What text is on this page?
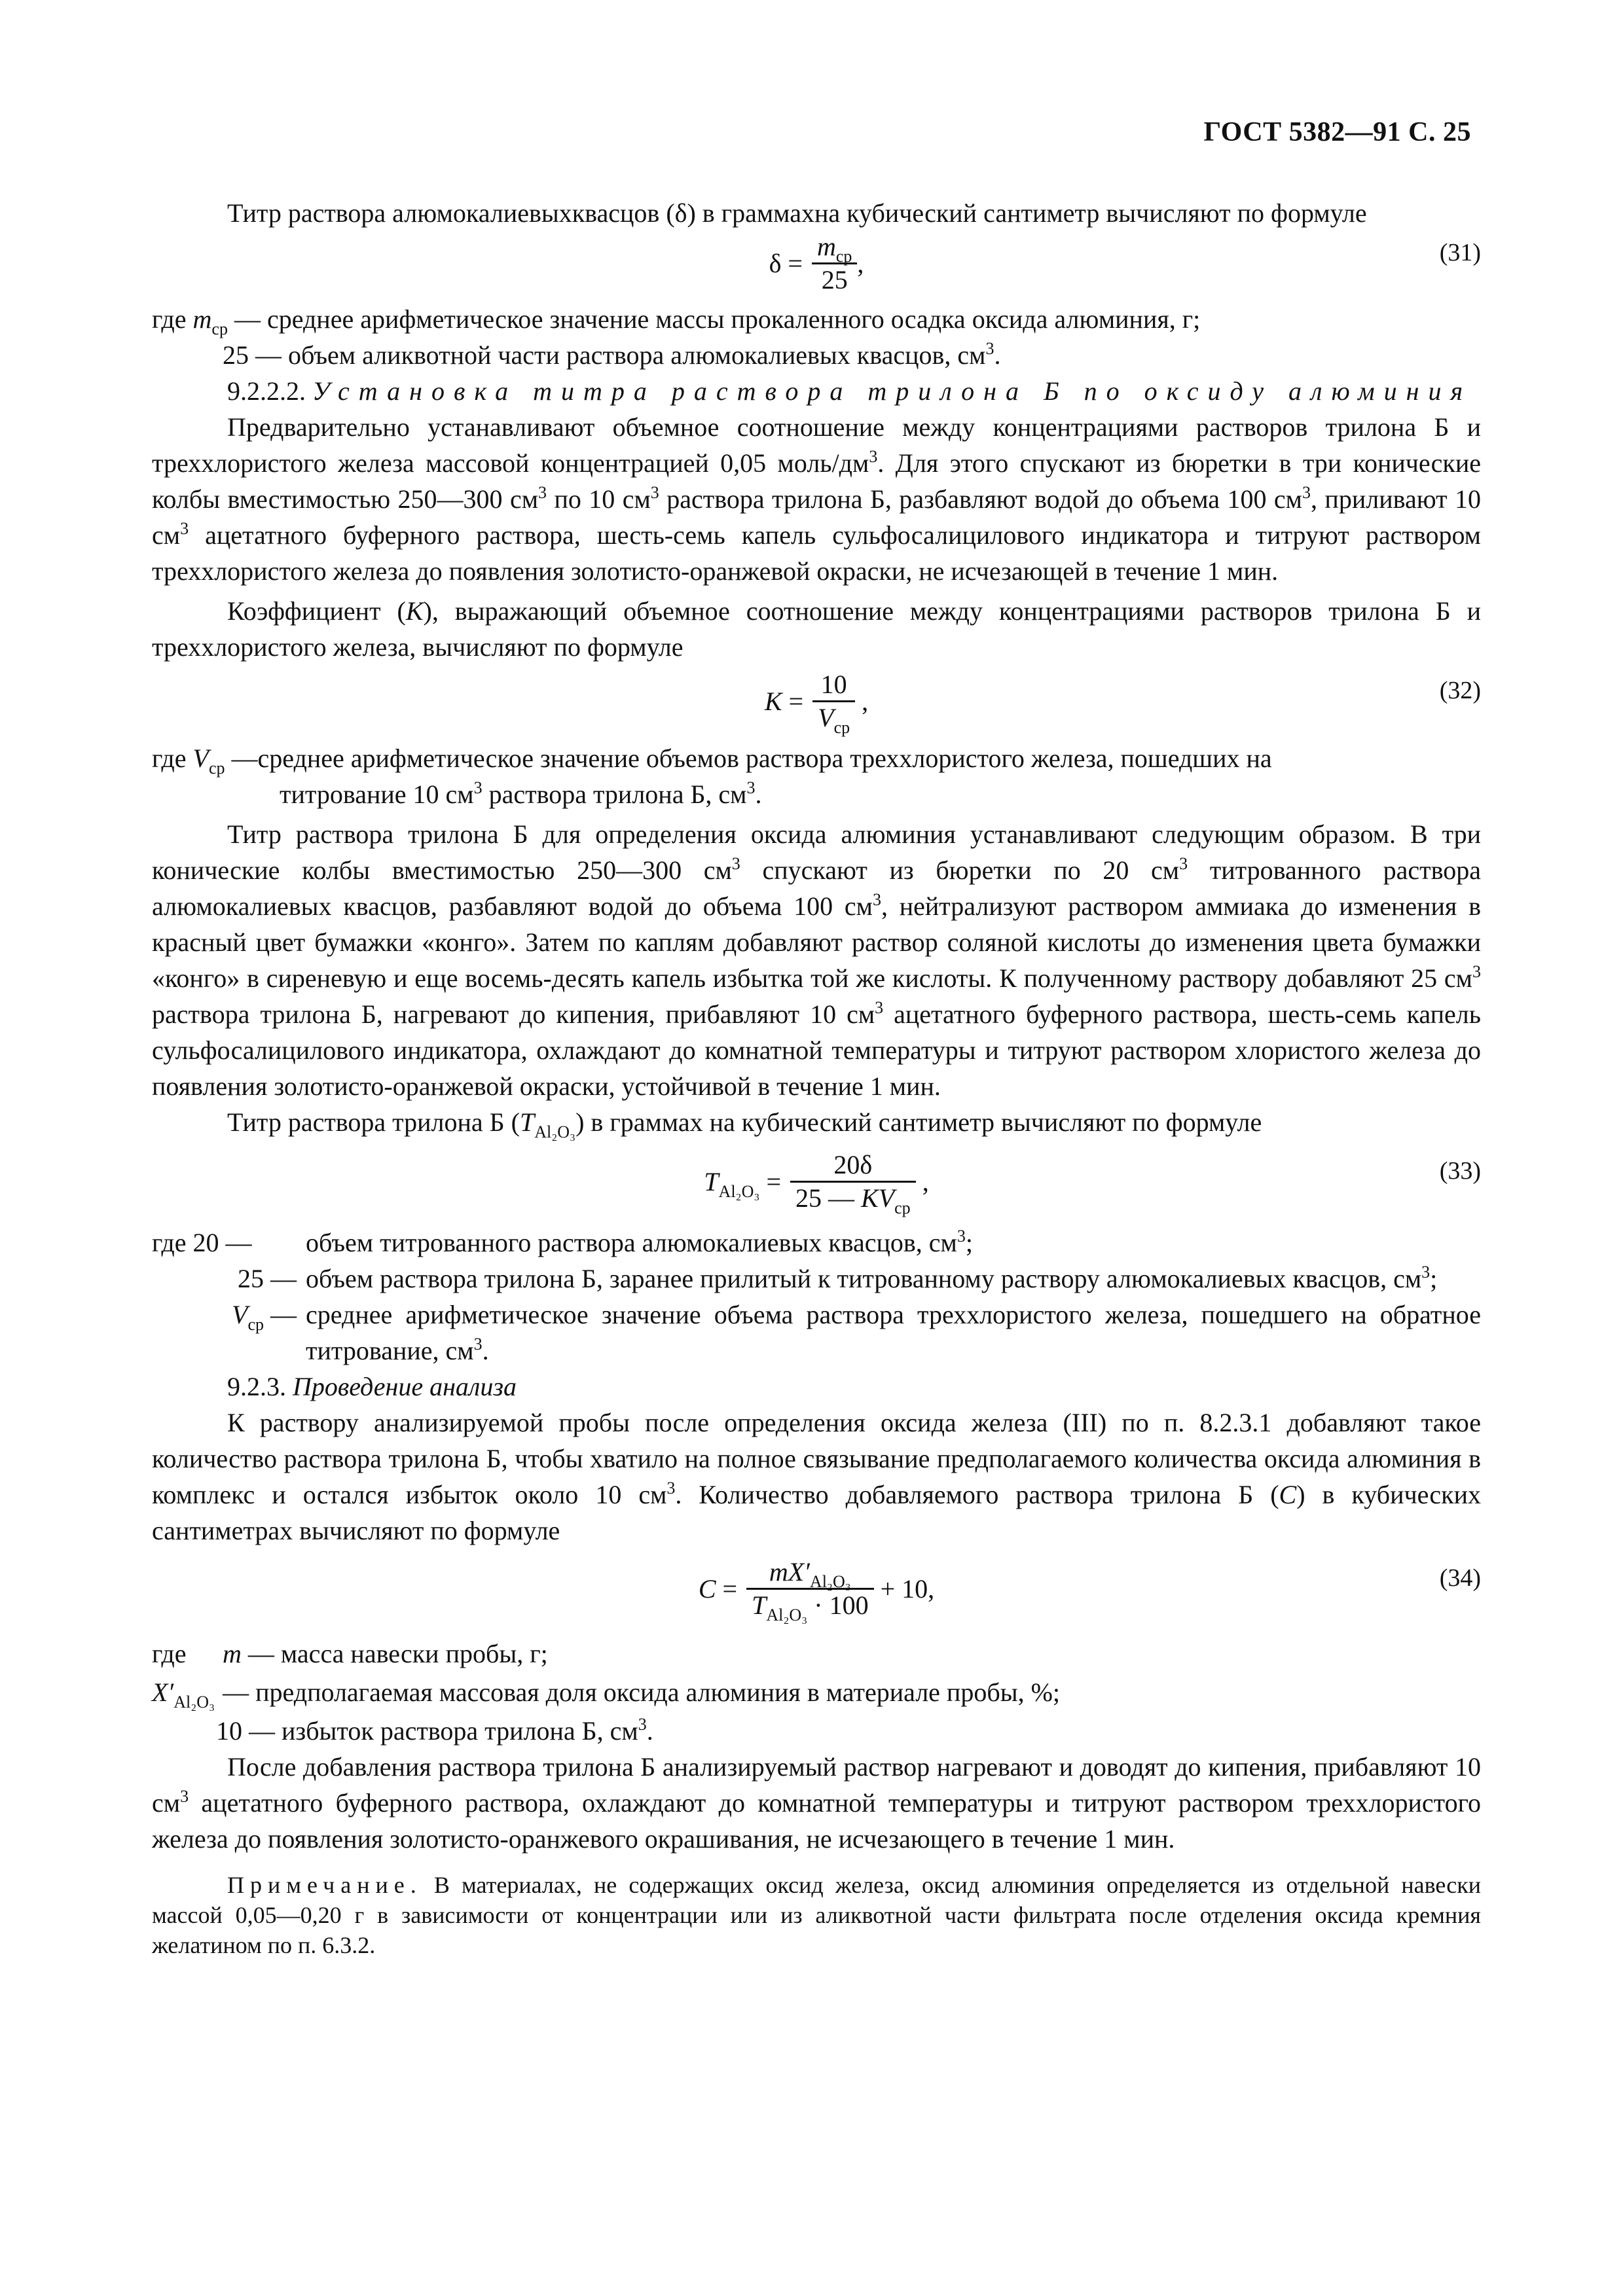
ГОСТ 5382—91 С. 25

Титр раствора алюмокалиевыхквасцов (δ) в граммахна кубический сантиметр вычисляют по формуле

$\delta = \frac{m_{ср}}{25}$ ,	(31)

где $m_{ср}$ — среднее арифметическое значение массы прокаленного осадка оксида алюминия, г;

25 — объем аликвотной части раствора алюмокалиевых квасцов, $см^3$.

9.2.2.2. Установка титра раствора трилона Б по оксиду алюминия

Предварительно устанавливают объемное соотношение между концентрациями растворов трилона Б и треххлористого железа массовой концентрацией 0,05 моль/$дм^3$. Для этого спускают из бюретки в три конические колбы вместимостью 250—300 $см^3$ по 10 $см^3$ раствора трилона Б, разбавляют водой до объема 100 $см^3$, приливают 10 $см^3$ ацетатного буферного раствора, шесть-семь капель сульфосалицилового индикатора и титруют раствором треххлористого железа до появления золотисто-оранжевой окраски, не исчезающей в течение 1 мин.

Коэффициент (K), выражающий объемное соотношение между концентрациями растворов трилона Б и треххлористого железа, вычисляют по формуле

$K = \frac{10}{V_{ср}}$ ,	(32)

где $V_{ср}$ —среднее арифметическое значение объемов раствора треххлористого железа, пошедших на

титрование 10 $см^3$ раствора трилона Б, $см^3$.

Титр раствора трилона Б для определения оксида алюминия устанавливают следующим образом. В три конические колбы вместимостью 250—300 $см^3$ спускают из бюретки по 20 $см^3$ титрованного раствора алюмокалиевых квасцов, разбавляют водой до объема 100 $см^3$, нейтрализуют раствором аммиака до изменения в красный цвет бумажки «конго». Затем по каплям добавляют раствор соляной кислоты до изменения цвета бумажки «конго» в сиреневую и еще восемь-десять капель избытка той же кислоты. К полученному раствору добавляют 25 $см^3$ раствора трилона Б, нагревают до кипения, прибавляют 10 $см^3$ ацетатного буферного раствора, шесть-семь капель сульфосалицилового индикатора, охлаждают до комнатной температуры и титруют раствором хлористого железа до появления золотисто-оранжевой окраски, устойчивой в течение 1 мин.

Титр раствора трилона Б $(T_{Al_2O_3})$ в граммах на кубический сантиметр вычисляют по формуле

$T_{Al_2O_3} = \frac{20\delta}{25 — KV_{ср}}$ ,	(33)
где 20 —	объем титрованного раствора алюмокалиевых квасцов, $см^3$;
25 — объем раствора трилона Б, заранее прилитый к титрованному раствору алюмокалиевых квасцов, $см^3$;
$V_{ср}$ — среднее арифметическое значение объема раствора треххлористого железа, пошедшего на обратное титрование, $см^3$.

9.2.3. Проведение анализа

К раствору анализируемой пробы после определения оксида железа (III) по п. 8.2.3.1 добавляют такое количество раствора трилона Б, чтобы хватило на полное связывание предполагаемого количества оксида алюминия в комплекс и остался избыток около 10 $см^3$. Количество добавляемого раствора трилона Б (C) в кубических сантиметрах вычисляют по формуле

$C = \frac{mX'_{Al_2O_3}}{T_{Al_2O_3} \cdot 100} + 10$,	(34)
где	m — масса навески пробы, г;
$X'_{Al_2O_3}$ — предполагаемая массовая доля оксида алюминия в материале пробы, %;

10 — избыток раствора трилона Б, $см^3$.

После добавления раствора трилона Б анализируемый раствор нагревают и доводят до кипения, прибавляют 10 $см^3$ ацетатного буферного раствора, охлаждают до комнатной температуры и титруют раствором треххлористого железа до появления золотисто-оранжевого окрашивания, не исчезающего в течение 1 мин.

Примечание. В материалах, не содержащих оксид железа, оксид алюминия определяется из отдельной навески массой 0,05—0,20 г в зависимости от концентрации или из аликвотной части фильтрата после отделения оксида кремния желатином по п. 6.3.2.
